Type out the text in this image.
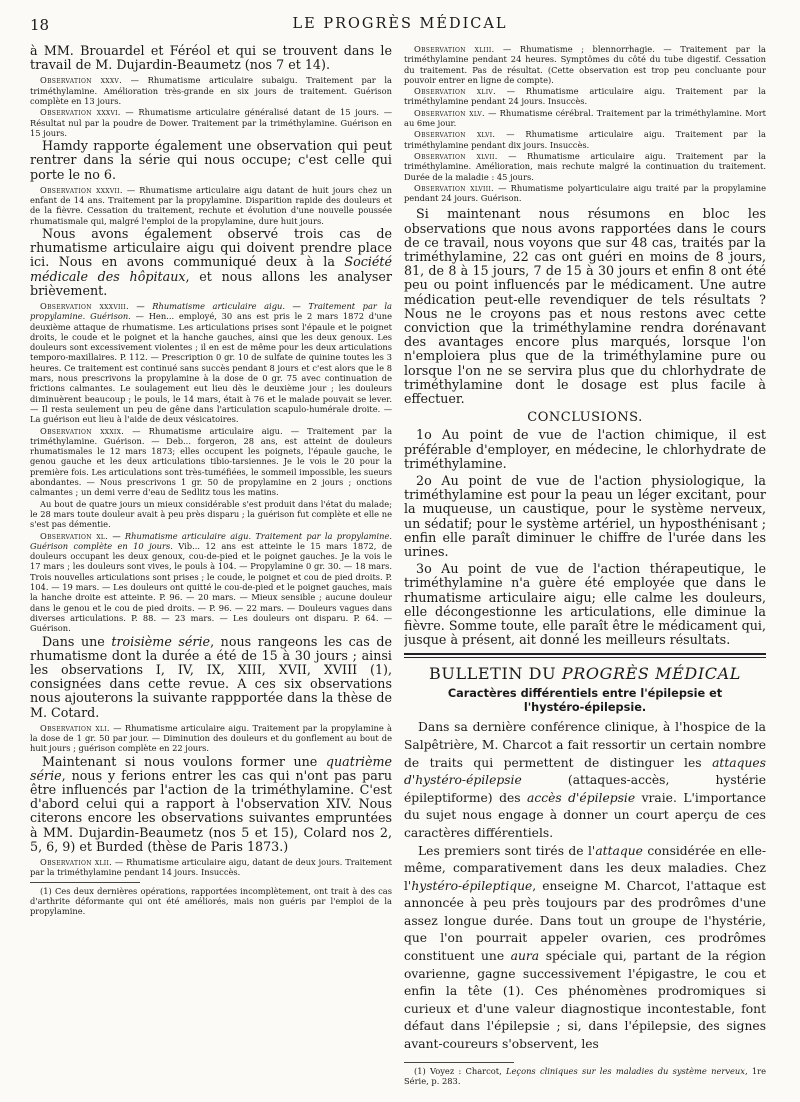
18	LE PROGRÈS MÉDICAL

à MM. Brouardel et Féréol et qui se trouvent dans le travail de M. Dujardin-Beaumetz (nos 7 et 14).

Observation xxxv. — Rhumatisme articulaire subaigu. Traitement par la triméthylamine. Amélioration très-grande en six jours de traitement. Guérison complète en 13 jours.

Observation xxxvi. — Rhumatisme articulaire généralisé datant de 15 jours. — Résultat nul par la poudre de Dower. Traitement par la triméthylamine. Guérison en 15 jours.

Hamdy rapporte également une observation qui peut rentrer dans la série qui nous occupe; c'est celle qui porte le no 6.

Observation xxxvii. — Rhumatisme articulaire aigu datant de huit jours chez un enfant de 14 ans. Traitement par la propylamine. Disparition rapide des douleurs et de la fièvre. Cessation du traitement, rechute et évolution d'une nouvelle poussée rhumatismale qui, malgré l'emploi de la propylamine, dure huit jours.

Nous avons également observé trois cas de rhumatisme articulaire aigu qui doivent prendre place ici. Nous en avons communiqué deux à la Société médicale des hôpitaux, et nous allons les analyser brièvement.

Observation xxxviii. — Rhumatisme articulaire aigu. — Traitement par la propylamine. Guérison. — Hen... employé, 30 ans est pris le 2 mars 1872 d'une deuxième attaque de rhumatisme. Les articulations prises sont l'épaule et le poignet droits, le coude et le poignet et la hanche gauches, ainsi que les deux genoux. Les douleurs sont excessivement violentes ; il en est de même pour les deux articulations temporo-maxillaires. P. 112. — Prescription 0 gr. 10 de sulfate de quinine toutes les 3 heures. Ce traitement est continué sans succès pendant 8 jours et c'est alors que le 8 mars, nous prescrivons la propylamine à la dose de 0 gr. 75 avec continuation de frictions calmantes. Le soulagement eut lieu dès le deuxième jour ; les douleurs diminuèrent beaucoup ; le pouls, le 14 mars, était à 76 et le malade pouvait se lever. — Il resta seulement un peu de gêne dans l'articulation scapulo-humérale droite. — La guérison eut lieu à l'aide de deux vésicatoires.

Observation xxxix. — Rhumatisme articulaire aigu. — Traitement par la triméthylamine. Guérison. — Deb... forgeron, 28 ans, est atteint de douleurs rhumatismales le 12 mars 1873; elles occupent les poignets, l'épaule gauche, le genou gauche et les deux articulations tibio-tarsiennes. Je le vois le 20 pour la première fois. Les articulations sont très-tuméfiées, le sommeil impossible, les sueurs abondantes. — Nous prescrivons 1 gr. 50 de propylamine en 2 jours ; onctions calmantes ; un demi verre d'eau de Sedlitz tous les matins.

Au bout de quatre jours un mieux considérable s'est produit dans l'état du malade; le 28 mars toute douleur avait à peu près disparu ; la guérison fut complète et elle ne s'est pas démentie.

Observation xl. — Rhumatisme articulaire aigu. Traitement par la propylamine. Guérison complète en 10 jours. Vib... 12 ans est atteinte le 15 mars 1872, de douleurs occupant les deux genoux, cou-de-pied et le poignet gauches. Je la vois le 17 mars ; les douleurs sont vives, le pouls à 104. — Propylamine 0 gr. 30. — 18 mars. Trois nouvelles articulations sont prises ; le coude, le poignet et cou de pied droits. P. 104. — 19 mars. — Les douleurs ont quitté le cou-de-pied et le poignet gauches, mais la hanche droite est atteinte. P. 96. — 20 mars. — Mieux sensible ; aucune douleur dans le genou et le cou de pied droits. — P. 96. — 22 mars. — Douleurs vagues dans diverses articulations. P. 88. — 23 mars. — Les douleurs ont disparu. P. 64. — Guérison.

Dans une troisième série, nous rangeons les cas de rhumatisme dont la durée a été de 15 à 30 jours ; ainsi les observations I, IV, IX, XIII, XVII, XVIII (1), consignées dans cette revue. A ces six observations nous ajouterons la suivante rappportée dans la thèse de M. Cotard.

Observation xli. — Rhumatisme articulaire aigu. Traitement par la propylamine à la dose de 1 gr. 50 par jour. — Diminution des douleurs et du gonflement au bout de huit jours ; guérison complète en 22 jours.

Maintenant si nous voulons former une quatrième série, nous y ferions entrer les cas qui n'ont pas paru être influencés par l'action de la triméthylamine. C'est d'abord celui qui a rapport à l'observation XIV. Nous citerons encore les observations suivantes empruntées à MM. Dujardin-Beaumetz (nos 5 et 15), Colard nos 2, 5, 6, 9) et Burded (thèse de Paris 1873.)

Observation xlii. — Rhumatisme articulaire aigu, datant de deux jours. Traitement par la triméthylamine pendant 14 jours. Insuccès.

(1) Ces deux dernières opérations, rapportées incomplètement, ont trait à des cas d'arthrite déformante qui ont été améliorés, mais non guéris par l'emploi de la propylamine.

Observation xliii. — Rhumatisme ; blennorrhagie. — Traitement par la triméthylamine pendant 24 heures. Symptômes du côté du tube digestif. Cessation du traitement. Pas de résultat. (Cette observation est trop peu concluante pour pouvoir entrer en ligne de compte).

Observation xliv. — Rhumatisme articulaire aigu. Traitement par la triméthylamine pendant 24 jours. Insuccès.

Observation xlv. — Rhumatisme cérébral. Traitement par la triméthylamine. Mort au 6me jour.

Observation xlvi. — Rhumatisme articulaire aigu. Traitement par la triméthylamine pendant dix jours. Insuccès.

Observation xlvii. — Rhumatisme articulaire aigu. Traitement par la triméthylamine. Amélioration, mais rechute malgré la continuation du traitement. Durée de la maladie : 45 jours.

Observation xlviii. — Rhumatisme polyarticulaire aigu traité par la propylamine pendant 24 jours. Guérison.

Si maintenant nous résumons en bloc les observations que nous avons rapportées dans le cours de ce travail, nous voyons que sur 48 cas, traités par la triméthylamine, 22 cas ont guéri en moins de 8 jours, 81, de 8 à 15 jours, 7 de 15 à 30 jours et enfin 8 ont été peu ou point influencés par le médicament. Une autre médication peut-elle revendiquer de tels résultats ? Nous ne le croyons pas et nous restons avec cette conviction que la triméthylamine rendra dorénavant des avantages encore plus marqués, lorsque l'on n'emploiera plus que de la triméthylamine pure ou lorsque l'on ne se servira plus que du chlorhydrate de triméthylamine dont le dosage est plus facile à effectuer.

CONCLUSIONS.

1o Au point de vue de l'action chimique, il est préférable d'employer, en médecine, le chlorhydrate de triméthylamine.

2o Au point de vue de l'action physiologique, la triméthylamine est pour la peau un léger excitant, pour la muqueuse, un caustique, pour le système nerveux, un sédatif; pour le système artériel, un hyposthénisant ; enfin elle paraît diminuer le chiffre de l'urée dans les urines.

3o Au point de vue de l'action thérapeutique, le triméthylamine n'a guère été employée que dans le rhumatisme articulaire aigu; elle calme les douleurs, elle décongestionne les articulations, elle diminue la fièvre. Somme toute, elle paraît être le médicament qui, jusque à présent, ait donné les meilleurs résultats.

BULLETIN DU PROGRÈS MÉDICAL
Caractères différentiels entre l'épilepsie et
l'hystéro-épilepsie.

Dans sa dernière conférence clinique, à l'hospice de la Salpêtrière, M. Charcot a fait ressortir un certain nombre de traits qui permettent de distinguer les attaques d'hystéro-épilepsie (attaques-accès, hystérie épileptiforme) des accès d'épilepsie vraie. L'importance du sujet nous engage à donner un court aperçu de ces caractères différentiels.

Les premiers sont tirés de l'attaque considérée en elle-même, comparativement dans les deux maladies. Chez l'hystéro-épileptique, enseigne M. Charcot, l'attaque est annoncée à peu près toujours par des prodrômes d'une assez longue durée. Dans tout un groupe de l'hystérie, que l'on pourrait appeler ovarien, ces prodrômes constituent une aura spéciale qui, partant de la région ovarienne, gagne successivement l'épigastre, le cou et enfin la tête (1). Ces phénomènes prodromiques si curieux et d'une valeur diagnostique incontestable, font défaut dans l'épilepsie ; si, dans l'épilepsie, des signes avant-coureurs s'observent, les

(1) Voyez : Charcot, Leçons cliniques sur les maladies du système nerveux, 1re Série, p. 283.
